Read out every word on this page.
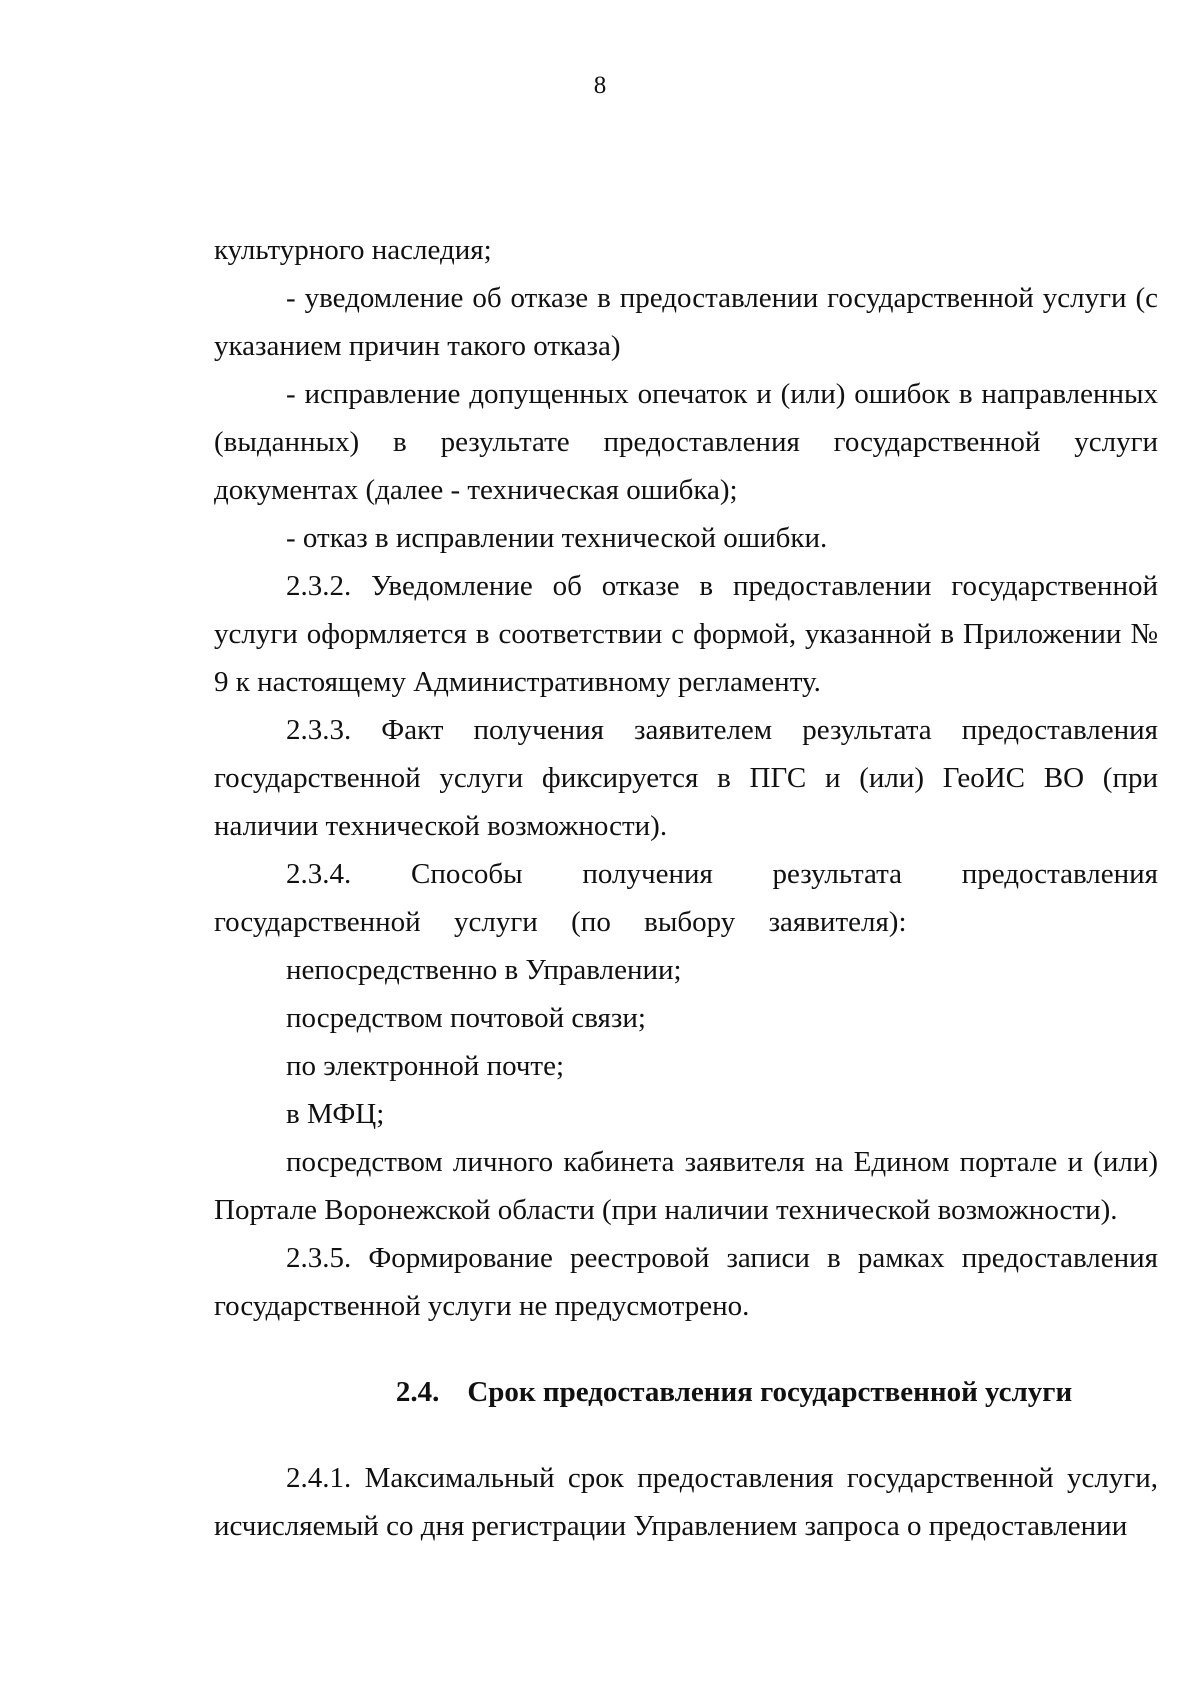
8

культурного наследия;

- уведомление об отказе в предоставлении государственной услуги (с указанием причин такого отказа)

- исправление допущенных опечаток и (или) ошибок в направленных (выданных) в результате предоставления государственной услуги документах (далее - техническая ошибка);

- отказ в исправлении технической ошибки.

2.3.2. Уведомление об отказе в предоставлении государственной услуги оформляется в соответствии с формой, указанной в Приложении № 9 к настоящему Административному регламенту.

2.3.3. Факт получения заявителем результата предоставления государственной услуги фиксируется в ПГС и (или) ГеоИС ВО (при наличии технической возможности).

2.3.4. Способы получения результата предоставления государственной услуги (по выбору заявителя):

непосредственно в Управлении;

посредством почтовой связи;

по электронной почте;

в МФЦ;

посредством личного кабинета заявителя на Едином портале и (или) Портале Воронежской области (при наличии технической возможности).

2.3.5. Формирование реестровой записи в рамках предоставления государственной услуги не предусмотрено.

2.4. Срок предоставления государственной услуги

2.4.1. Максимальный срок предоставления государственной услуги, исчисляемый со дня регистрации Управлением запроса о предоставлении
